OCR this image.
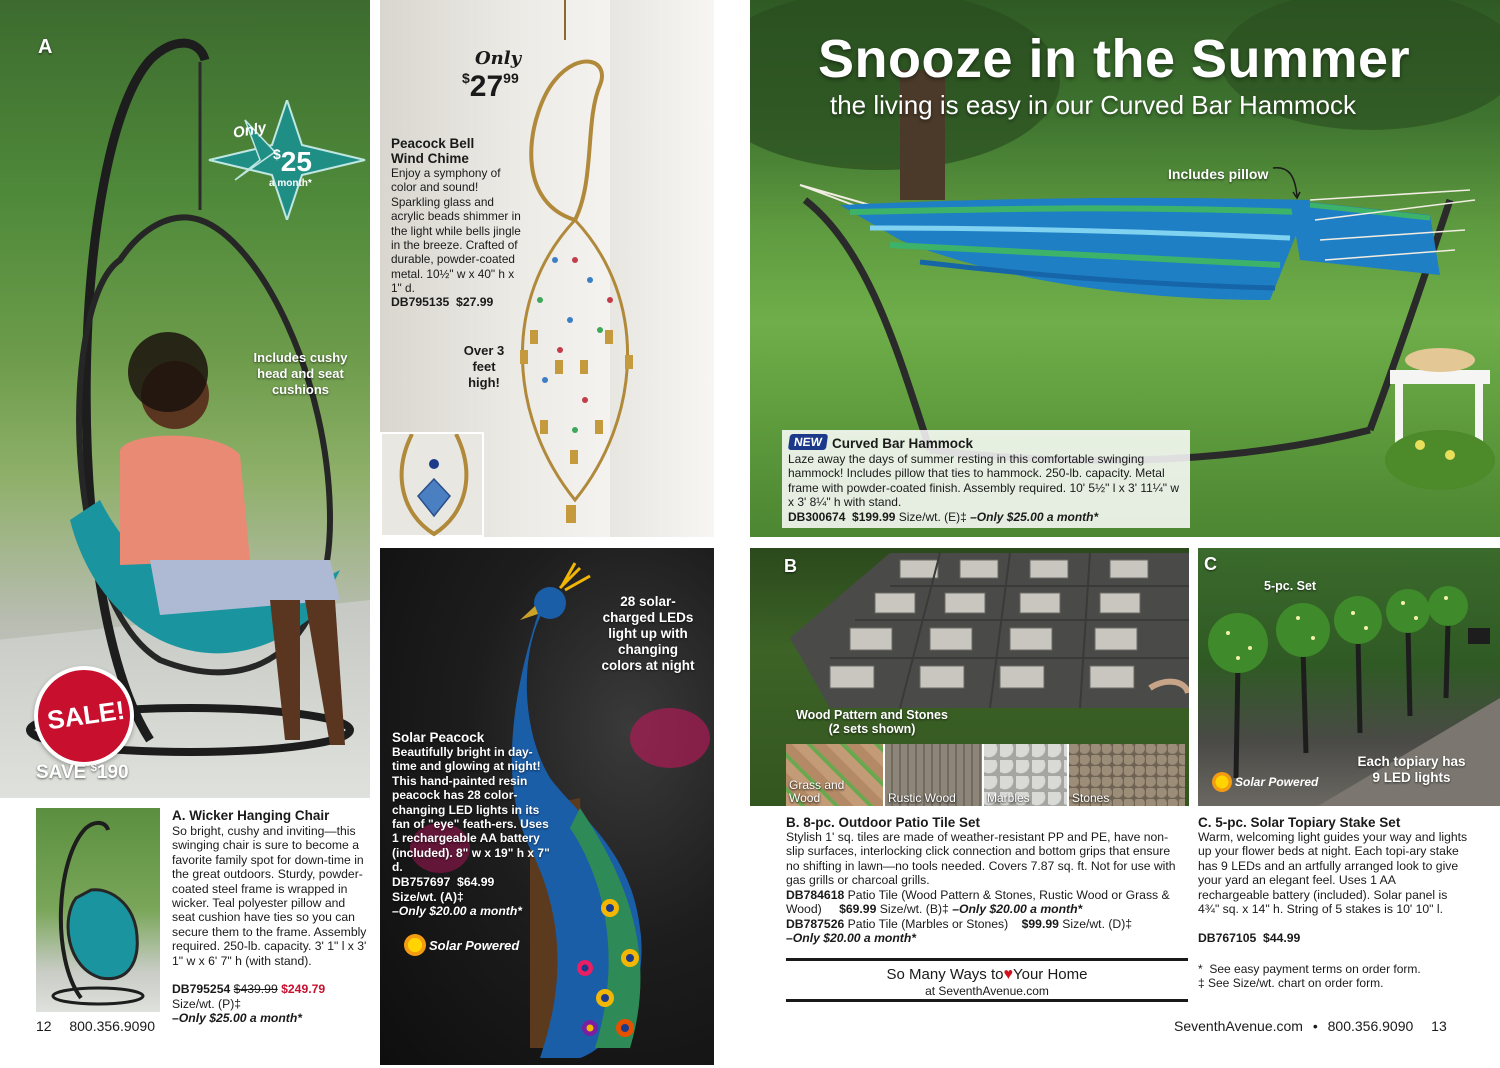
A
Only
$25
a month*
Includes cushy head and seat cushions
SALE!
SAVE $190
A. Wicker Hanging Chair
So bright, cushy and inviting—this swinging chair is sure to become a favorite family spot for down-time in the great outdoors. Sturdy, powder-coated steel frame is wrapped in wicker. Teal polyester pillow and seat cushion have ties so you can secure them to the frame. Assembly required. 250-lb. capacity. 3' 1" l x 3' 1" w x 6' 7" h (with stand).
DB795254 $439.99 $249.79
Size/wt. (P)‡
–Only $25.00 a month*
12 800.356.9090
Only
$2799
Peacock Bell
Wind Chime
Enjoy a symphony of color and sound! Sparkling glass and acrylic beads shimmer in the light while bells jingle in the breeze. Crafted of durable, powder-coated metal. 10½" w x 40" h x 1" d.
DB795135  $27.99
Over 3 feet high!
28 solar-charged LEDs light up with changing colors at night
Solar Peacock
Beautifully bright in day-time and glowing at night! This hand-painted resin peacock has 28 color-changing LED lights in its fan of "eye" feath-ers. Uses 1 rechargeable AA battery (included). 8" w x 19" h x 7" d.
DB757697  $64.99
Size/wt. (A)‡
–Only $20.00 a month*
Solar Powered
Snooze in the Summer
the living is easy in our Curved Bar Hammock
Includes pillow
NEW Curved Bar Hammock
Laze away the days of summer resting in this comfortable swinging hammock! Includes pillow that ties to hammock. 250-lb. capacity. Metal frame with powder-coated finish. Assembly required. 10' 5½" l x 3' 11¼" w x 3' 8¼" h with stand.
DB300674  $199.99 Size/wt. (E)‡ –Only $25.00 a month*
B
Wood Pattern and Stones (2 sets shown)
Grass and Wood	Rustic Wood	Marbles	Stones
C
5-pc. Set
Each topiary has 9 LED lights
Solar Powered
B. 8-pc. Outdoor Patio Tile Set
Stylish 1' sq. tiles are made of weather-resistant PP and PE, have non-slip surfaces, interlocking click connection and bottom grips that ensure no shifting in lawn—no tools needed. Covers 7.87 sq. ft. Not for use with gas grills or charcoal grills.
DB784618 Patio Tile (Wood Pattern & Stones, Rustic Wood or Grass & Wood) $69.99 Size/wt. (B)‡ –Only $20.00 a month*
DB787526 Patio Tile (Marbles or Stones) $99.99 Size/wt. (D)‡
–Only $20.00 a month*
C. 5-pc. Solar Topiary Stake Set
Warm, welcoming light guides your way and lights up your flower beds at night. Each topi-ary stake has 9 LEDs and an artfully arranged look to give your yard an elegant feel. Uses 1 AA rechargeable battery (included). Solar panel is 4¾" sq. x 14" h. String of 5 stakes is 10' 10" l.
DB767105  $44.99
So Many Ways to♥Your Home
at SeventhAvenue.com
*  See easy payment terms on order form.
‡ See Size/wt. chart on order form.
SeventhAvenue.com • 800.356.9090 13
